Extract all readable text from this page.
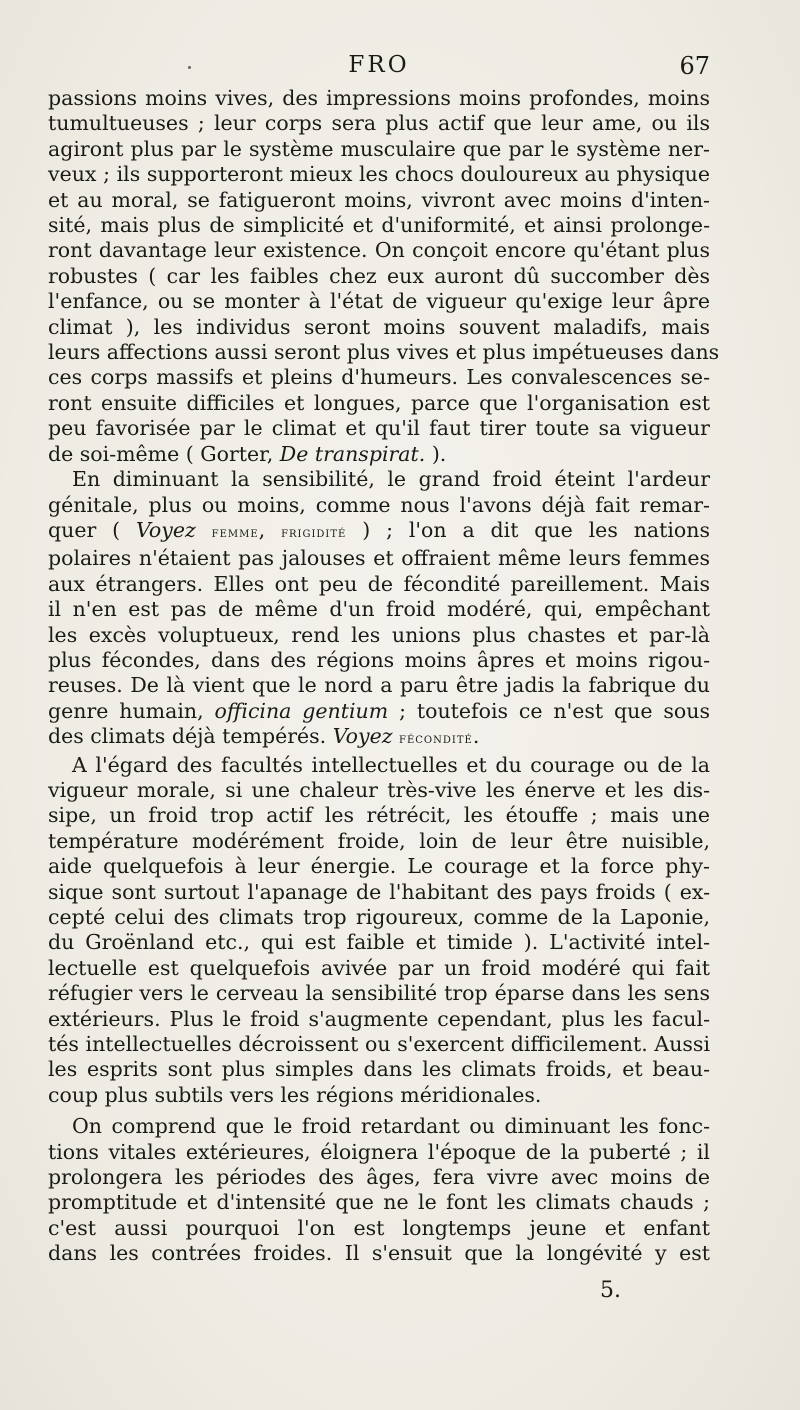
FRO	67
passions moins vives, des impressions moins profondes, moins
tumultueuses ; leur corps sera plus actif que leur ame, ou ils
agiront plus par le système musculaire que par le système ner-
veux ; ils supporteront mieux les chocs douloureux au physique
et au moral, se fatigueront moins, vivront avec moins d'inten-
sité, mais plus de simplicité et d'uniformité, et ainsi prolonge-
ront davantage leur existence. On conçoit encore qu'étant plus
robustes ( car les faibles chez eux auront dû succomber dès
l'enfance, ou se monter à l'état de vigueur qu'exige leur âpre
climat ), les individus seront moins souvent maladifs, mais
leurs affections aussi seront plus vives et plus impétueuses dans
ces corps massifs et pleins d'humeurs. Les convalescences se-
ront ensuite difficiles et longues, parce que l'organisation est
peu favorisée par le climat et qu'il faut tirer toute sa vigueur
de soi-même ( Gorter, De transpirat. ).
En diminuant la sensibilité, le grand froid éteint l'ardeur
génitale, plus ou moins, comme nous l'avons déjà fait remar-
quer ( Voyez femme, frigidité ) ; l'on a dit que les nations
polaires n'étaient pas jalouses et offraient même leurs femmes
aux étrangers. Elles ont peu de fécondité pareillement. Mais
il n'en est pas de même d'un froid modéré, qui, empêchant
les excès voluptueux, rend les unions plus chastes et par-là
plus fécondes, dans des régions moins âpres et moins rigou-
reuses. De là vient que le nord a paru être jadis la fabrique du
genre humain, officina gentium ; toutefois ce n'est que sous
des climats déjà tempérés. Voyez fécondité.
A l'égard des facultés intellectuelles et du courage ou de la
vigueur morale, si une chaleur très-vive les énerve et les dis-
sipe, un froid trop actif les rétrécit, les étouffe ; mais une
température modérément froide, loin de leur être nuisible,
aide quelquefois à leur énergie. Le courage et la force phy-
sique sont surtout l'apanage de l'habitant des pays froids ( ex-
cepté celui des climats trop rigoureux, comme de la Laponie,
du Groënland etc., qui est faible et timide ). L'activité intel-
lectuelle est quelquefois avivée par un froid modéré qui fait
réfugier vers le cerveau la sensibilité trop éparse dans les sens
extérieurs. Plus le froid s'augmente cependant, plus les facul-
tés intellectuelles décroissent ou s'exercent difficilement. Aussi
les esprits sont plus simples dans les climats froids, et beau-
coup plus subtils vers les régions méridionales.
On comprend que le froid retardant ou diminuant les fonc-
tions vitales extérieures, éloignera l'époque de la puberté ; il
prolongera les périodes des âges, fera vivre avec moins de
promptitude et d'intensité que ne le font les climats chauds ;
c'est aussi pourquoi l'on est longtemps jeune et enfant
dans les contrées froides. Il s'ensuit que la longévité y est
5.
